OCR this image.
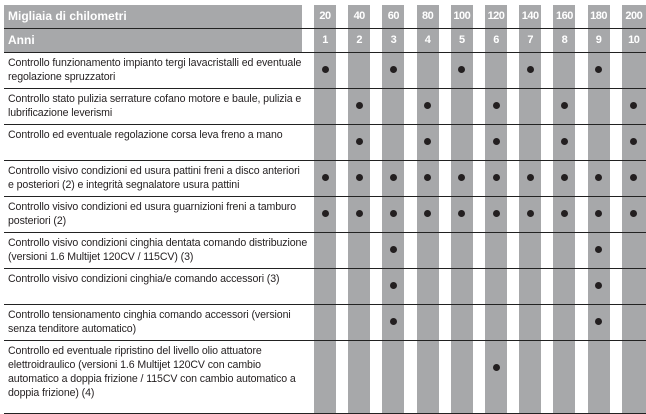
20
1
40
2
60
3
80
4
100
5
120
6
140
7
160
8
180
9
200
10
Migliaia di chilometri
Anni
Controllo funzionamento impianto tergi lavacristalli ed eventuale regolazione spruzzatori
Controllo stato pulizia serrature cofano motore e baule, pulizia e lubrificazione leverismi
Controllo ed eventuale regolazione corsa leva freno a mano
Controllo visivo condizioni ed usura pattini freni a disco anteriori e posteriori (2) e integrità segnalatore usura pattini
Controllo visivo condizioni ed usura guarnizioni freni a tamburo posteriori (2)
Controllo visivo condizioni cinghia dentata comando distribuzione (versioni 1.6 Multijet 120CV / 115CV) (3)
Controllo visivo condizioni cinghia/e comando accessori (3)
Controllo tensionamento cinghia comando accessori (versioni senza tenditore automatico)
Controllo ed eventuale ripristino del livello olio attuatore elettroidraulico (versioni 1.6 Multijet 120CV con cambio automatico a doppia frizione / 115CV con cambio automatico a doppia frizione) (4)
